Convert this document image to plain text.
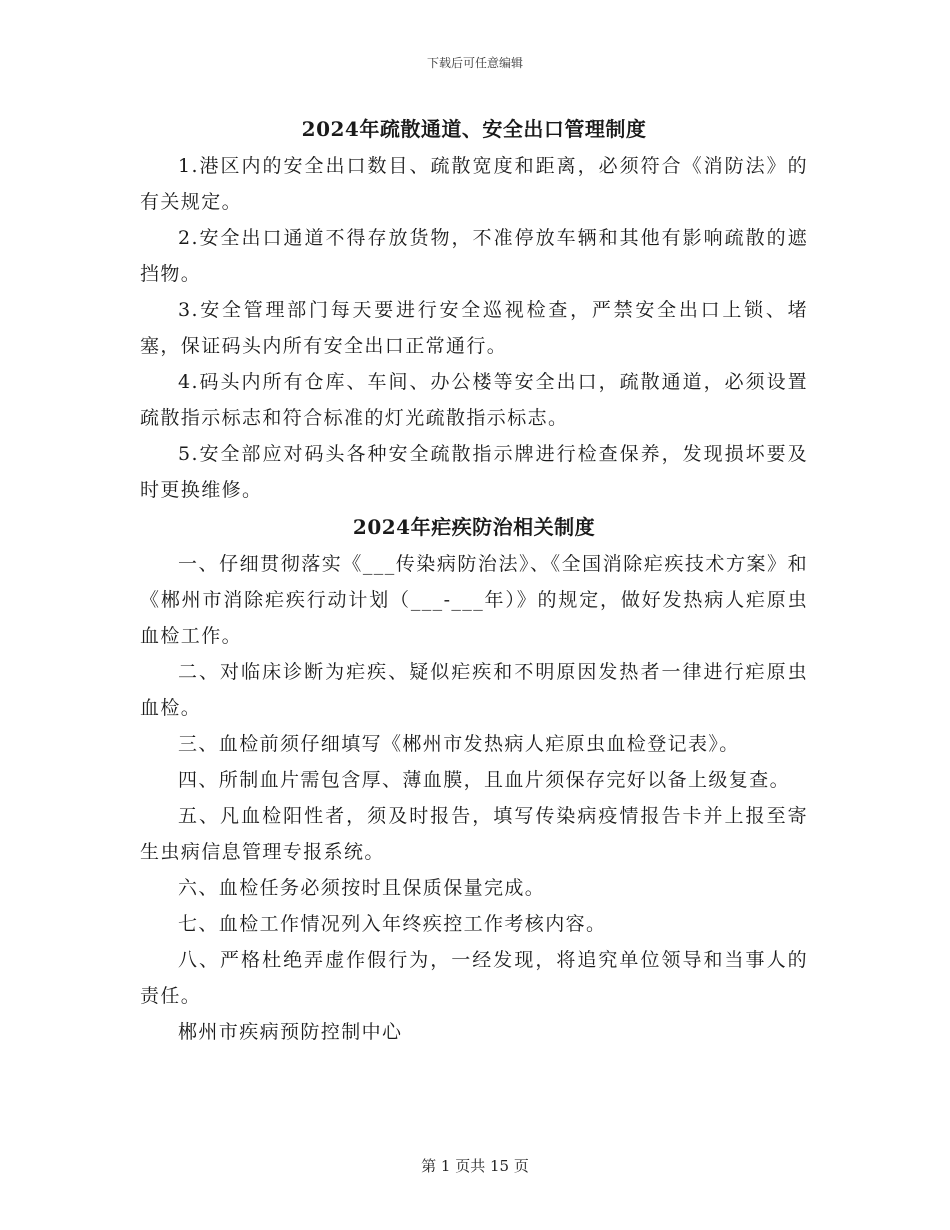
下载后可任意编辑
2024年疏散通道、安全出口管理制度

1.港区内的安全出口数目、疏散宽度和距离，必须符合《消防法》的有关规定。

2.安全出口通道不得存放货物，不准停放车辆和其他有影响疏散的遮挡物。

3.安全管理部门每天要进行安全巡视检查，严禁安全出口上锁、堵塞，保证码头内所有安全出口正常通行。

4.码头内所有仓库、车间、办公楼等安全出口，疏散通道，必须设置疏散指示标志和符合标准的灯光疏散指示标志。

5.安全部应对码头各种安全疏散指示牌进行检查保养，发现损坏要及时更换维修。

2024年疟疾防治相关制度

一、仔细贯彻落实《___传染病防治法》、《全国消除疟疾技术方案》和《郴州市消除疟疾行动计划（___-___年）》的规定，做好发热病人疟原虫血检工作。

二、对临床诊断为疟疾、疑似疟疾和不明原因发热者一律进行疟原虫血检。

三、血检前须仔细填写《郴州市发热病人疟原虫血检登记表》。

四、所制血片需包含厚、薄血膜，且血片须保存完好以备上级复查。

五、凡血检阳性者，须及时报告，填写传染病疫情报告卡并上报至寄生虫病信息管理专报系统。

六、血检任务必须按时且保质保量完成。

七、血检工作情况列入年终疾控工作考核内容。

八、严格杜绝弄虚作假行为，一经发现，将追究单位领导和当事人的责任。

郴州市疾病预防控制中心

第 1 页共 15 页
